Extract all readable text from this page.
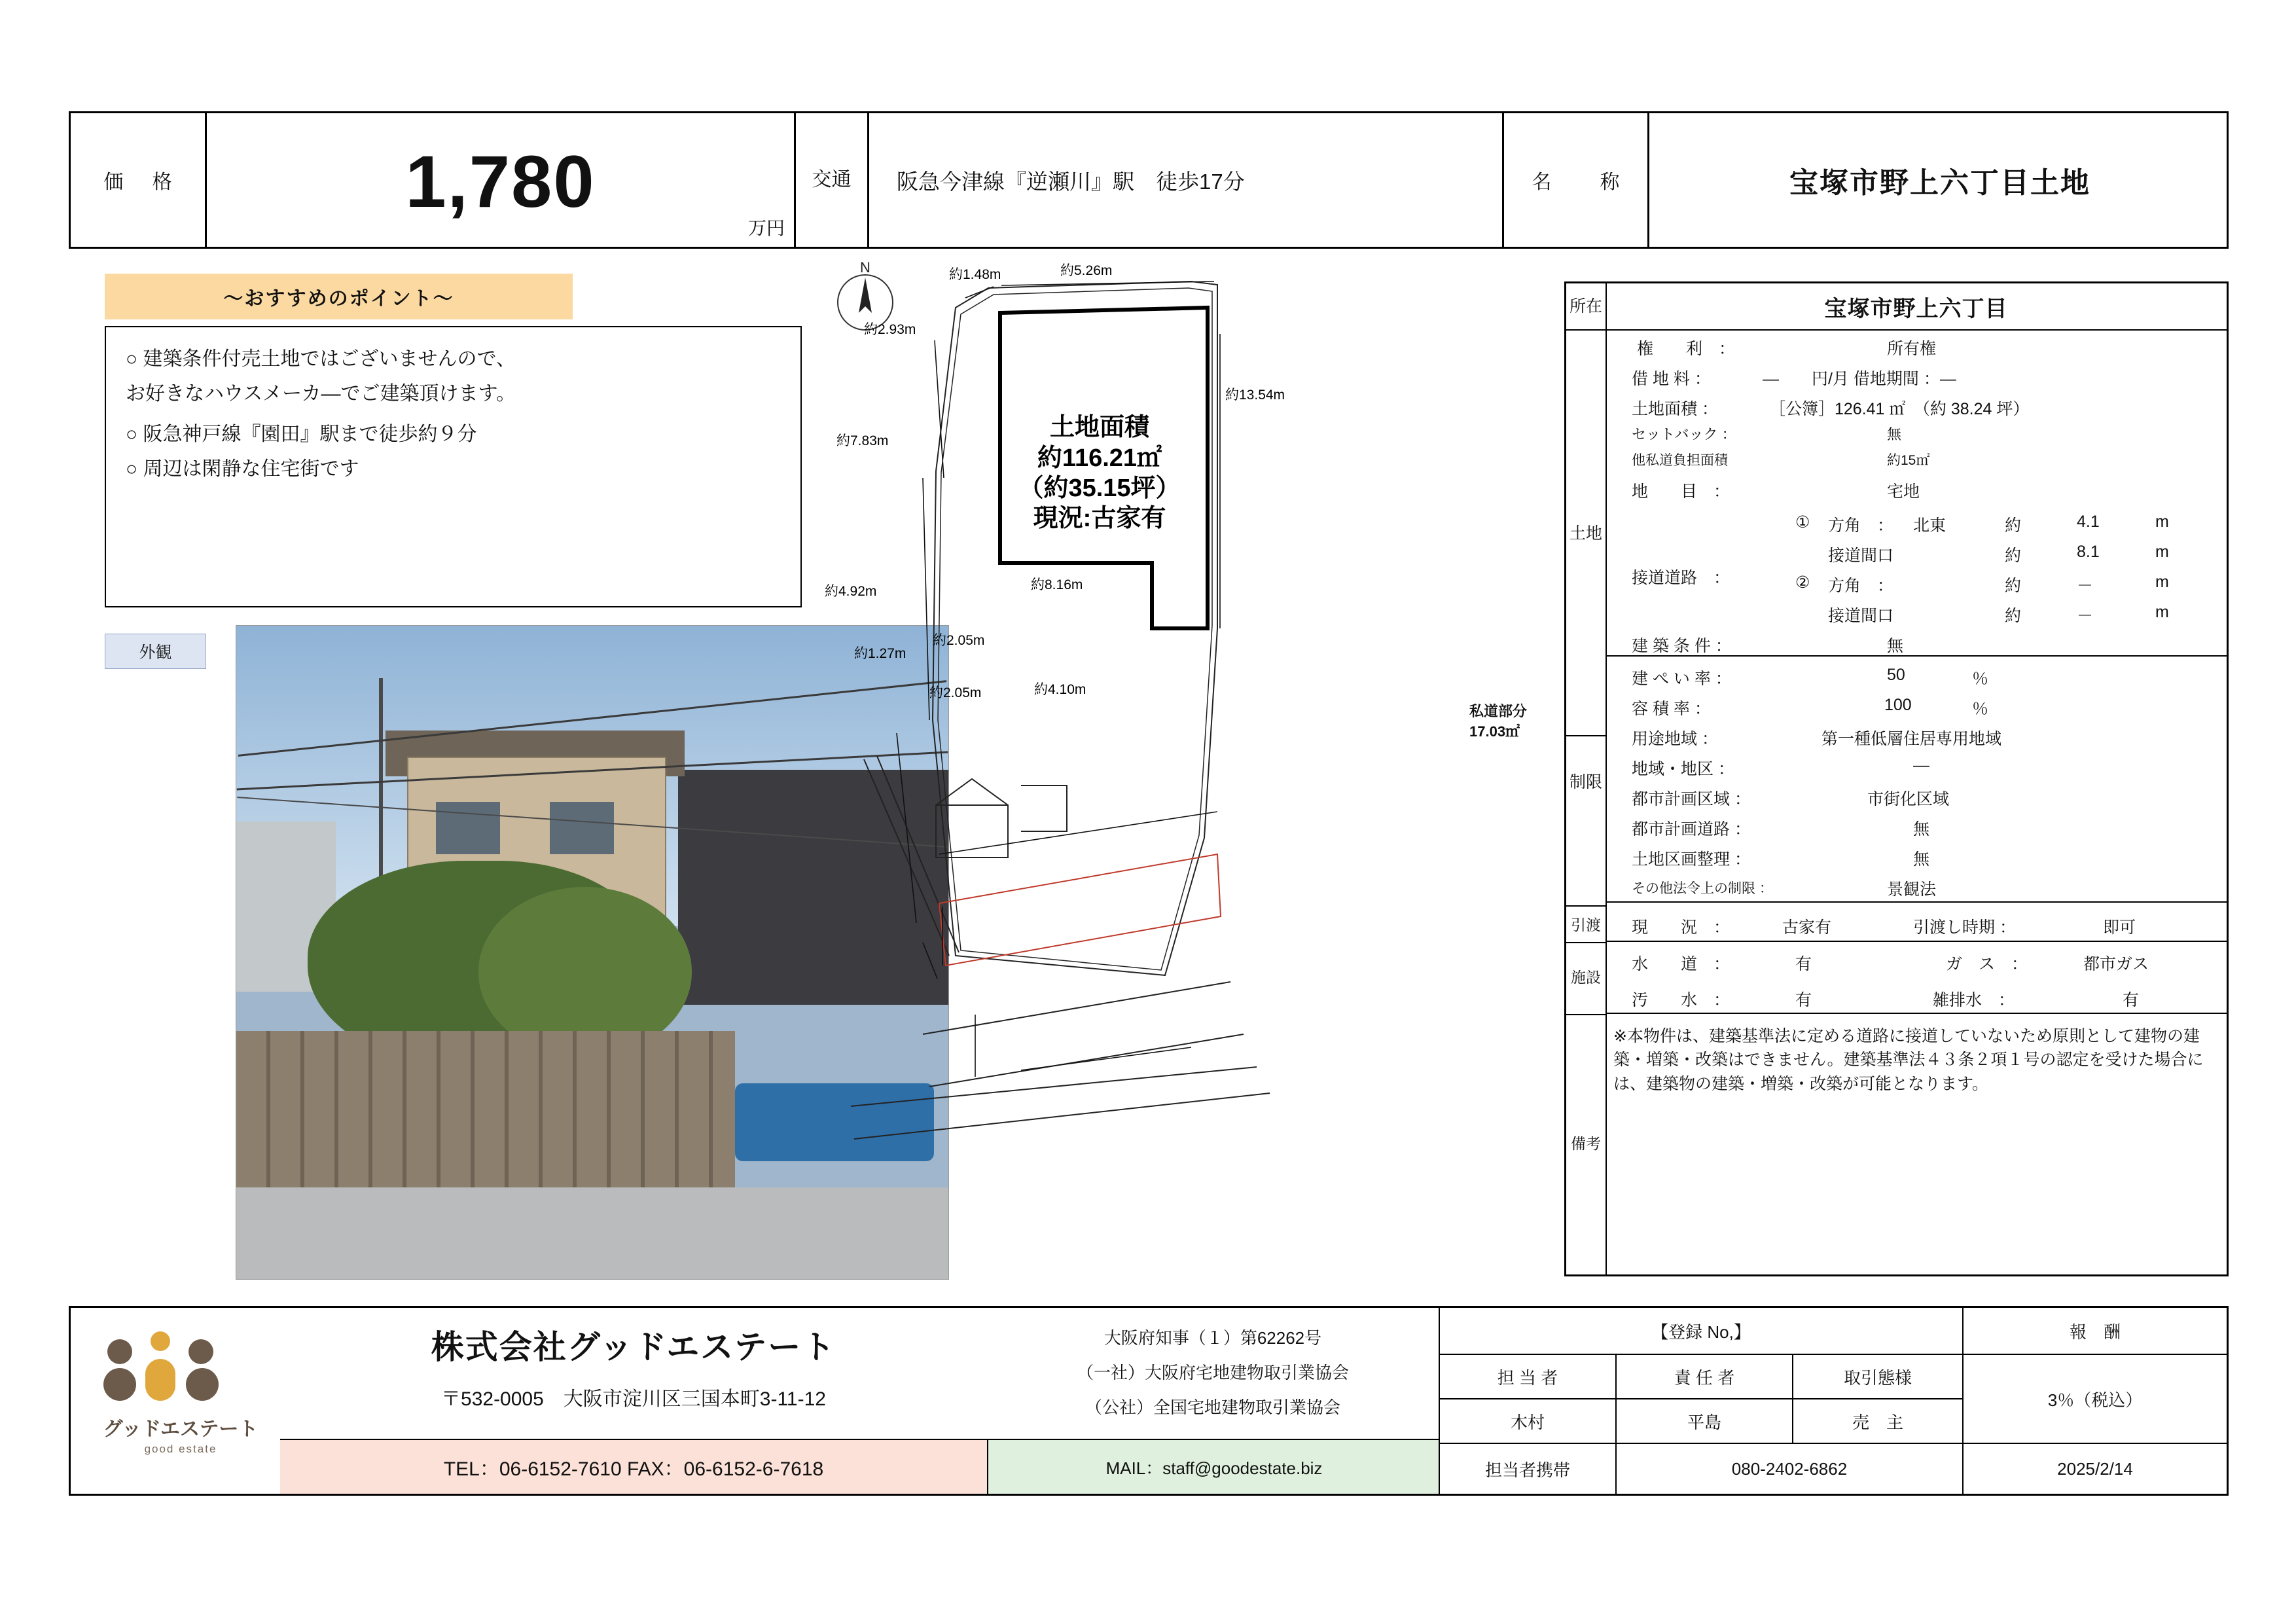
価 格	1,780
万円
交通 阪急今津線『逆瀬川』駅　徒歩17分	名　称	宝塚市野上六丁目土地
～おすすめのポイント～
○ 建築条件付売土地ではございませんので、
お好きなハウスメーカ―でご建築頂けます。
○ 阪急神戸線『園田』駅まで徒歩約９分
○ 周辺は閑静な住宅街です
外観
N	約1.48m	約5.26m
約2.93m
約13.54m
約7.83m
約4.92m
約1.27m
約8.16m
約2.05m
約2.05m	約4.10m
土地面積
約116.21㎡
（約35.15坪）
現況:古家有
私道部分
17.03㎡
所在	宝塚市野上六丁目
土地
権　　利　：	所有権
借 地 料 ：	―　　円/月 借地期間 ：―
土地面積 ：	［公簿］126.41 ㎡　（約 38.24 坪）
セットバック ：	無
他私道負担面積	約15㎡
地　　目　：	宅地
接道道路　：
① 方角　： 北東	約	4.1	m
接道間口	約	8.1	m
② 方角　：	約	－	m
接道間口	約	－	m
建 築 条 件 ：	無
制限
建 ぺ い 率 ：	50	％
容 積 率 ：	100	％
用途地域 ：	第一種低層住居専用地域
地域・地区 ：	―
都市計画区域 ：	市街化区域
都市計画道路 ：	無
土地区画整理 ：	無
その他法令上の制限 ：	景観法
引渡 現　　況　：	古家有	引渡し時期 ：	即可
施設
水　　道　：	有	ガ　ス　：	都市ガス
汚　　水　：	有	雑排水　：	有
備考
※本物件は、建築基準法に定める道路に接道していないため原則として建物の建築・増築・改築はできません。建築基準法４３条２項１号の認定を受けた場合には、建築物の建築・増築・改築が可能となります。
グッドエステート
good estate
株式会社グッドエステート
〒532-0005　大阪市淀川区三国本町3-11-12
TEL：06-6152-7610 FAX：06-6152-6-7618
大阪府知事（１）第62262号
（一社）大阪府宅地建物取引業協会
（公社）全国宅地建物取引業協会
MAIL：staff@goodestate.biz
【登録 No,】
担 当 者	責 任 者	取引態様
木村	平島	売　主
担当者携帯	080-2402-6862
報　酬
3％（税込）
2025/2/14
